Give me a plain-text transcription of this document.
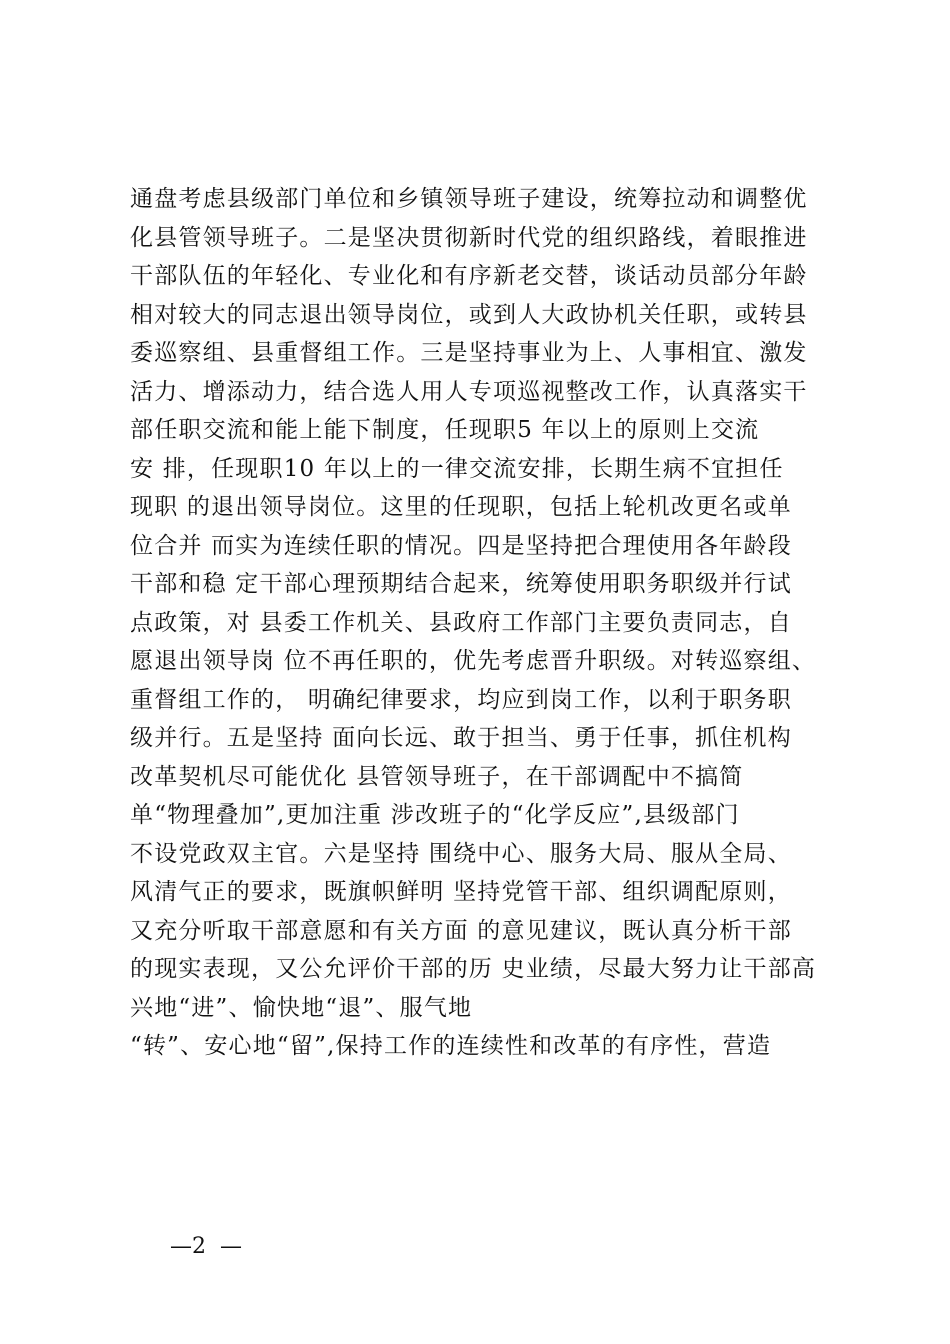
通盘考虑县级部门单位和乡镇领导班子建设，统筹拉动和调整优
化县管领导班子。二是坚决贯彻新时代党的组织路线，着眼推进
干部队伍的年轻化、专业化和有序新老交替，谈话动员部分年龄
相对较大的同志退出领导岗位，或到人大政协机关任职，或转县
委巡察组、县重督组工作。三是坚持事业为上、人事相宜、激发
活力、增添动力，结合选人用人专项巡视整改工作，认真落实干
部任职交流和能上能下制度，任现职5 年以上的原则上交流
安 排，任现职10 年以上的一律交流安排，长期生病不宜担任
现职 的退出领导岗位。这里的任现职，包括上轮机改更名或单
位合并 而实为连续任职的情况。四是坚持把合理使用各年龄段
干部和稳 定干部心理预期结合起来，统筹使用职务职级并行试
点政策，对 县委工作机关、县政府工作部门主要负责同志，自
愿退出领导岗 位不再任职的，优先考虑晋升职级。对转巡察组、
重督组工作的， 明确纪律要求，均应到岗工作，以利于职务职
级并行。五是坚持 面向长远、敢于担当、勇于任事，抓住机构
改革契机尽可能优化 县管领导班子，在干部调配中不搞简
单“物理叠加”,更加注重 涉改班子的“化学反应”,县级部门
不设党政双主官。六是坚持 围绕中心、服务大局、服从全局、
风清气正的要求，既旗帜鲜明 坚持党管干部、组织调配原则，
又充分听取干部意愿和有关方面 的意见建议，既认真分析干部
的现实表现，又公允评价干部的历 史业绩，尽最大努力让干部高
兴地“进”、愉快地“退”、服气地
“转”、安心地“留”,保持工作的连续性和改革的有序性，营造
—2  —
